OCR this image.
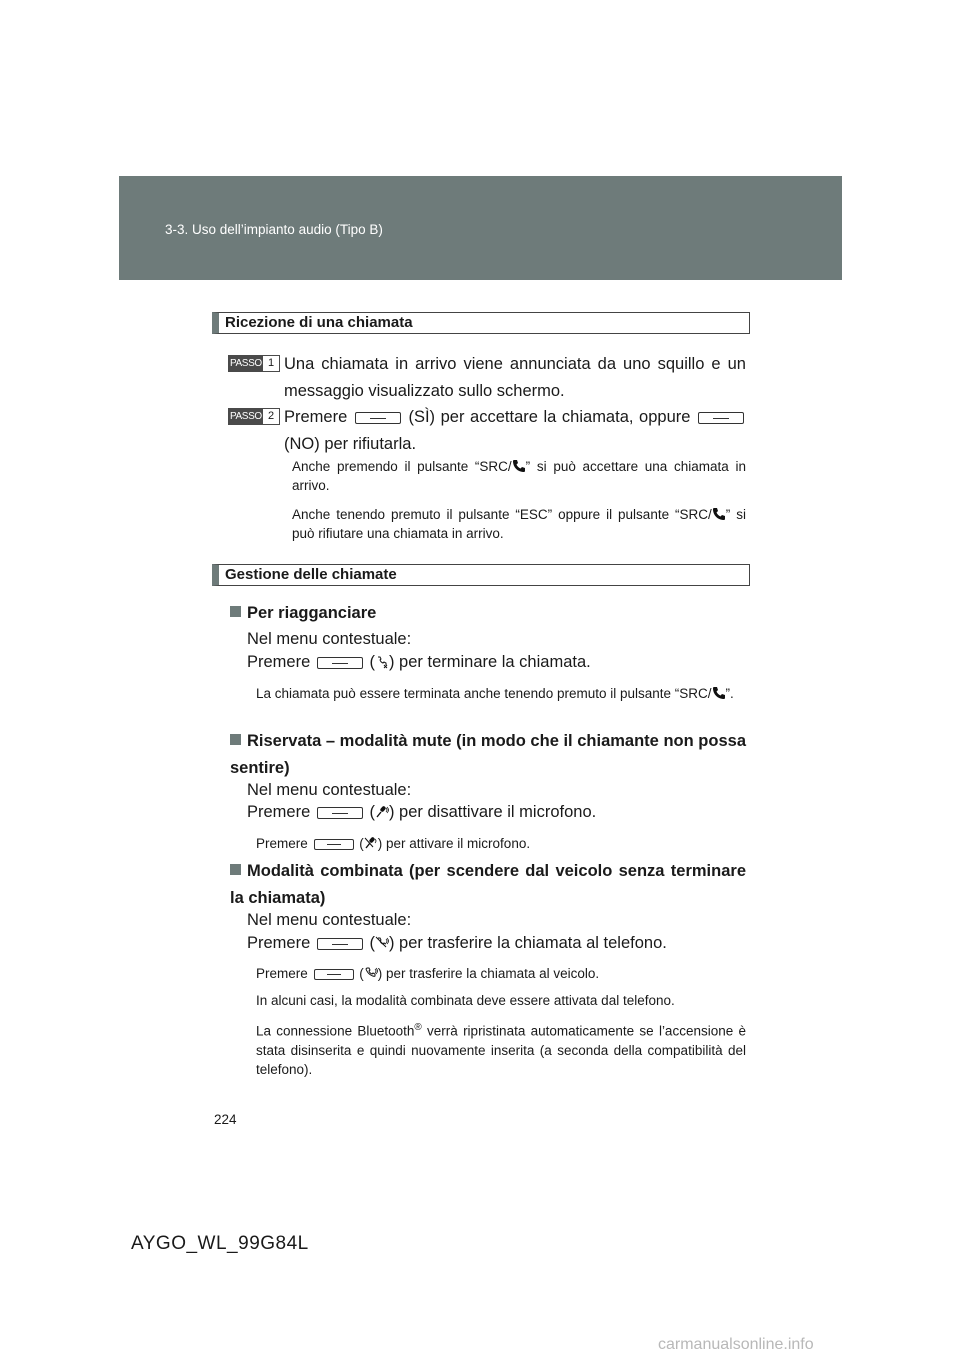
3-3. Uso dell’impianto audio (Tipo B)
Ricezione di una chiamata
PASSO 1 Una chiamata in arrivo viene annunciata da uno squillo e un messaggio visualizzato sullo schermo.
PASSO 2 Premere	(SÌ) per accettare la chiamata, oppure
(NO) per rifiutarla.
Anche premendo il pulsante “SRC/ ” si può accettare una chiamata in arrivo.
Anche tenendo premuto il pulsante “ESC” oppure il pulsante “SRC/ ” si può rifiutare una chiamata in arrivo.
Gestione delle chiamate
Per riagganciare
Nel menu contestuale:
Premere	( ) per terminare la chiamata.
La chiamata può essere terminata anche tenendo premuto il pulsante “SRC/ ”.
Riservata – modalità mute (in modo che il chiamante non possa sentire)
Nel menu contestuale:
Premere	( ) per disattivare il microfono.
Premere	( ) per attivare il microfono.
Modalità combinata (per scendere dal veicolo senza terminare la chiamata)
Nel menu contestuale:
Premere	( ) per trasferire la chiamata al telefono.
Premere	( ) per trasferire la chiamata al veicolo.
In alcuni casi, la modalità combinata deve essere attivata dal telefono.
La connessione Bluetooth® verrà ripristinata automaticamente se l’accensione è stata disinserita e quindi nuovamente inserita (a seconda della compatibilità del telefono).
224
AYGO_WL_99G84L
carmanualsonline.info
